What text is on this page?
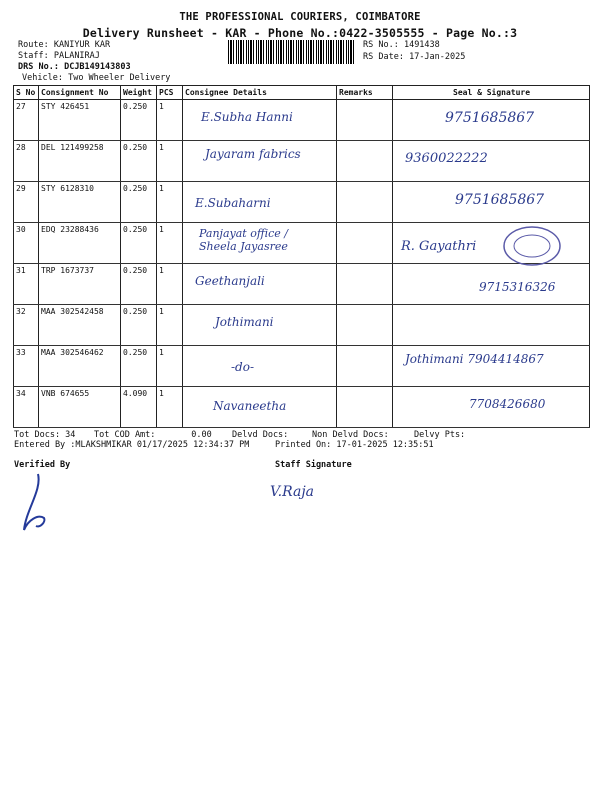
THE PROFESSIONAL COURIERS, COIMBATORE
Delivery Runsheet - KAR - Phone No.:0422-3505555 - Page No.:3
Route: KANIYUR KAR
Staff: PALANIRAJ
DRS No.: DCJB149143803
Vehicle: Two Wheeler Delivery
RS No.: 1491438
RS Date: 17-Jan-2025
S No	Consignment No	Weight	PCS	Consignee Details	Remarks	Seal & Signature
27	STY 426451	0.250	1	E.Subha Hanni		9751685867

28	DEL 121499258	0.250	1	Jayaram fabrics		9360022222

29	STY 6128310	0.250	1	E.Subaharni		9751685867

30	EDQ 23288436	0.250	1	Panjayat office / Sheela Jayasree		R. Gayathri

31	TRP 1673737	0.250	1	Geethanjali		9715316326

32	MAA 302542458	0.250	1	Jothimani		

33	MAA 302546462	0.250	1	-do-		Jothimani 7904414867

34	VNB 674655	4.090	1	Navaneetha		7708426680
Tot Docs: 34 Tot COD Amt:       0.00 Delvd Docs:	Non Delvd Docs:	Delvy Pts:
Entered By :MLAKSHMIKAR 01/17/2025 12:34:37 PM	Printed On: 17-01-2025 12:35:51
Verified By	Staff Signature
V.Raja
